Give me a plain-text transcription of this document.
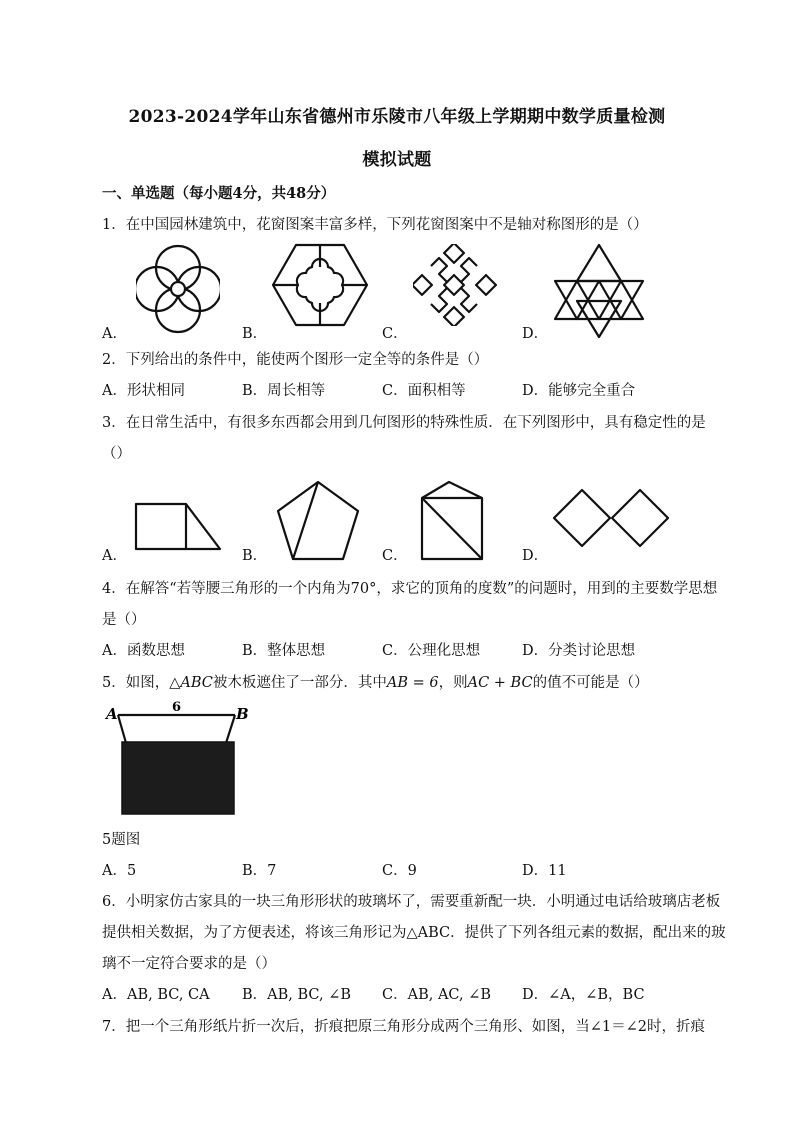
2023-2024学年山东省德州市乐陵市八年级上学期期中数学质量检测
模拟试题
一、单选题（每小题4分，共48分）
1．在中国园林建筑中，花窗图案丰富多样，下列花窗图案中不是轴对称图形的是（）
A．	B．	C．	D．
2．下列给出的条件中，能使两个图形一定全等的条件是（）
A．形状相同	B．周长相等	C．面积相等	D．能够完全重合
3．在日常生活中，有很多东西都会用到几何图形的特殊性质．在下列图形中，具有稳定性的是
（）
A．	B．	C．	D．
4．在解答“若等腰三角形的一个内角为70°，求它的顶角的度数”的问题时，用到的主要数学思想
是（）
A．函数思想	B．整体思想	C．公理化思想	D．分类讨论思想
5．如图，△ABC被木板遮住了一部分．其中AB = 6，则AC + BC的值不可能是（）
A	B
6
5题图
A．5	B．7	C．9	D．11
6．小明家仿古家具的一块三角形形状的玻璃坏了，需要重新配一块．小明通过电话给玻璃店老板
提供相关数据，为了方便表述，将该三角形记为△ABC．提供了下列各组元素的数据，配出来的玻
璃不一定符合要求的是（）
A．AB, BC, CA B．AB, BC, ∠B C．AB, AC, ∠B D．∠A，∠B，BC
7．把一个三角形纸片折一次后，折痕把原三角形分成两个三角形、如图，当∠1＝∠2时，折痕
